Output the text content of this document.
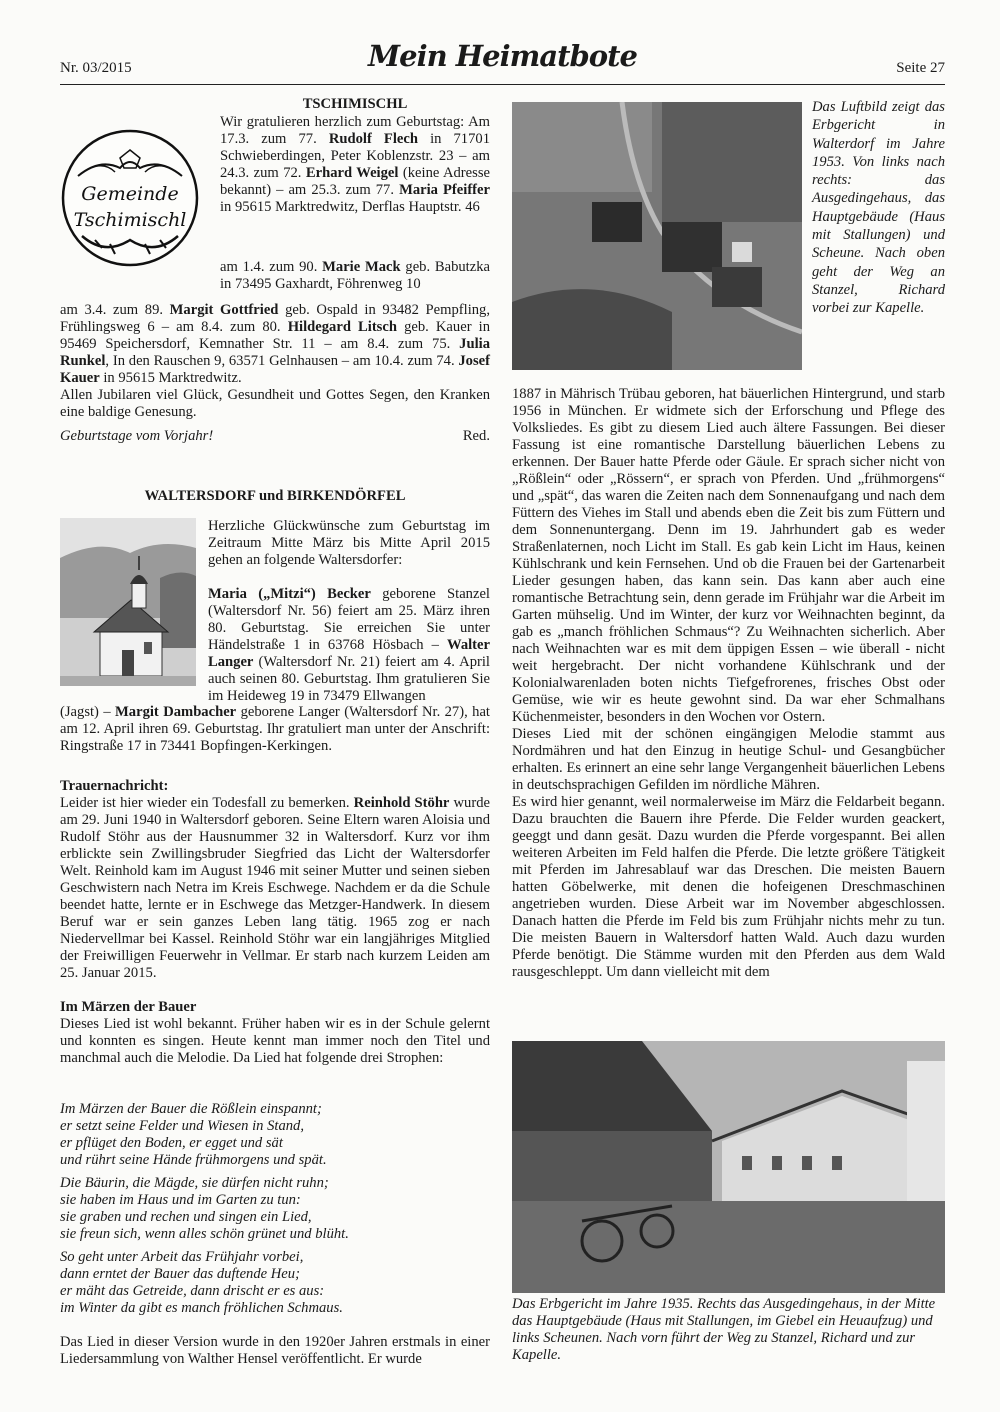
Nr. 03/2015	Mein Heimatbote	Seite 27
Gemeinde
Tschimischl
TSCHIMISCHL

Wir gratulieren herzlich zum Geburtstag: Am 17.3. zum 77. Rudolf Flech in 71701 Schwieberdingen, Peter Koblenzstr. 23 – am 24.3. zum 72. Erhard Weigel (keine Adresse bekannt) – am 25.3. zum 77. Maria Pfeiffer in 95615 Marktredwitz, Derflas Hauptstr. 46

am 1.4. zum 90. Marie Mack geb. Babutzka in 73495 Gaxhardt, Föhrenweg 10

am 3.4. zum 89. Margit Gottfried geb. Ospald in 93482 Pempfling, Frühlingsweg 6 – am 8.4. zum 80. Hildegard Litsch geb. Kauer in 95469 Speichersdorf, Kemnather Str. 11 – am 8.4. zum 75. Julia Runkel, In den Rauschen 9, 63571 Gelnhausen – am 10.4. zum 74. Josef Kauer in 95615 Marktredwitz.
Allen Jubilaren viel Glück, Gesundheit und Gottes Segen, den Kranken eine baldige Genesung.

Geburtstage vom Vorjahr!	Red.
WALTERSDORF und BIRKENDÖRFEL

Herzliche Glückwünsche zum Geburtstag im Zeitraum Mitte März bis Mitte April 2015 gehen an folgende Waltersdorfer:

Maria („Mitzi“) Becker geborene Stanzel (Waltersdorf Nr. 56) feiert am 25. März ihren 80. Geburtstag. Sie erreichen Sie unter Händelstraße 1 in 63768 Hösbach – Walter Langer (Waltersdorf Nr. 21) feiert am 4. April auch seinen 80. Geburtstag. Ihm gratulieren Sie im Heideweg 19 in 73479 Ellwangen

(Jagst) – Margit Dambacher geborene Langer (Waltersdorf Nr. 27), hat am 12. April ihren 69. Geburtstag. Ihr gratuliert man unter der Anschrift: Ringstraße 17 in 73441 Bopfingen-Kerkingen.

Trauernachricht:

Leider ist hier wieder ein Todesfall zu bemerken. Reinhold Stöhr wurde am 29. Juni 1940 in Waltersdorf geboren. Seine Eltern waren Aloisia und Rudolf Stöhr aus der Hausnummer 32 in Waltersdorf. Kurz vor ihm erblickte sein Zwillingsbruder Siegfried das Licht der Waltersdorfer Welt. Reinhold kam im August 1946 mit seiner Mutter und seinen sieben Geschwistern nach Netra im Kreis Eschwege. Nachdem er da die Schule beendet hatte, lernte er in Eschwege das Metzger-Handwerk. In diesem Beruf war er sein ganzes Leben lang tätig. 1965 zog er nach Niedervellmar bei Kassel. Reinhold Stöhr war ein langjähriges Mitglied der Freiwilligen Feuerwehr in Vellmar. Er starb nach kurzem Leiden am 25. Januar 2015.

Im Märzen der Bauer

Dieses Lied ist wohl bekannt. Früher haben wir es in der Schule gelernt und konnten es singen. Heute kennt man immer noch den Titel und manchmal auch die Melodie. Da Lied hat folgende drei Strophen:

Im Märzen der Bauer die Rößlein einspannt;
er setzt seine Felder und Wiesen in Stand,
er pflüget den Boden, er egget und sät
und rührt seine Hände frühmorgens und spät.
Die Bäurin, die Mägde, sie dürfen nicht ruhn;
sie haben im Haus und im Garten zu tun:
sie graben und rechen und singen ein Lied,
sie freun sich, wenn alles schön grünet und blüht.
So geht unter Arbeit das Frühjahr vorbei,
dann erntet der Bauer das duftende Heu;
er mäht das Getreide, dann drischt er es aus:
im Winter da gibt es manch fröhlichen Schmaus.

Das Lied in dieser Version wurde in den 1920er Jahren erstmals in einer Liedersammlung von Walther Hensel veröffentlicht. Er wurde

Das Luftbild zeigt das Erbgericht in Walterdorf im Jahre 1953. Von links nach rechts: das Ausgedingehaus, das Hauptgebäude (Haus mit Stallungen) und Scheune. Nach oben geht der Weg an Stanzel, Richard vorbei zur Kapelle.

1887 in Mährisch Trübau geboren, hat bäuerlichen Hintergrund, und starb 1956 in München. Er widmete sich der Erforschung und Pflege des Volksliedes. Es gibt zu diesem Lied auch ältere Fassungen. Bei dieser Fassung ist eine romantische Darstellung bäuerlichen Lebens zu erkennen. Der Bauer hatte Pferde oder Gäule. Er sprach sicher nicht von „Rößlein“ oder „Rössern“, er sprach von Pferden. Und „frühmorgens“ und „spät“, das waren die Zeiten nach dem Sonnenaufgang und nach dem Füttern des Viehes im Stall und abends eben die Zeit bis zum Füttern und dem Sonnenuntergang. Denn im 19. Jahrhundert gab es weder Straßenlaternen, noch Licht im Stall. Es gab kein Licht im Haus, keinen Kühlschrank und kein Fernsehen. Und ob die Frauen bei der Gartenarbeit Lieder gesungen haben, das kann sein. Das kann aber auch eine romantische Betrachtung sein, denn gerade im Frühjahr war die Arbeit im Garten mühselig. Und im Winter, der kurz vor Weihnachten beginnt, da gab es „manch fröhlichen Schmaus“? Zu Weihnachten sicherlich. Aber nach Weihnachten war es mit dem üppigen Essen – wie überall - nicht weit hergebracht. Der nicht vorhandene Kühlschrank und der Kolonialwarenladen boten nichts Tiefgefrorenes, frisches Obst oder Gemüse, wie wir es heute gewohnt sind. Da war eher Schmalhans Küchenmeister, besonders in den Wochen vor Ostern.

Dieses Lied mit der schönen eingängigen Melodie stammt aus Nordmähren und hat den Einzug in heutige Schul- und Gesangbücher erhalten. Es erinnert an eine sehr lange Vergangenheit bäuerlichen Lebens in deutschsprachigen Gefilden im nördliche Mähren.

Es wird hier genannt, weil normalerweise im März die Feldarbeit begann. Dazu brauchten die Bauern ihre Pferde. Die Felder wurden geackert, geeggt und dann gesät. Dazu wurden die Pferde vorgespannt. Bei allen weiteren Arbeiten im Feld halfen die Pferde. Die letzte größere Tätigkeit mit Pferden im Jahresablauf war das Dreschen. Die meisten Bauern hatten Göbelwerke, mit denen die hofeigenen Dreschmaschinen angetrieben wurden. Diese Arbeit war im November abgeschlossen. Danach hatten die Pferde im Feld bis zum Frühjahr nichts mehr zu tun. Die meisten Bauern in Waltersdorf hatten Wald. Auch dazu wurden Pferde benötigt. Die Stämme wurden mit den Pferden aus dem Wald rausgeschleppt. Um dann vielleicht mit dem

Das Erbgericht im Jahre 1935. Rechts das Ausgedingehaus, in der Mitte das Hauptgebäude (Haus mit Stallungen, im Giebel ein Heuaufzug) und links Scheunen. Nach vorn führt der Weg zu Stanzel, Richard und zur Kapelle.
